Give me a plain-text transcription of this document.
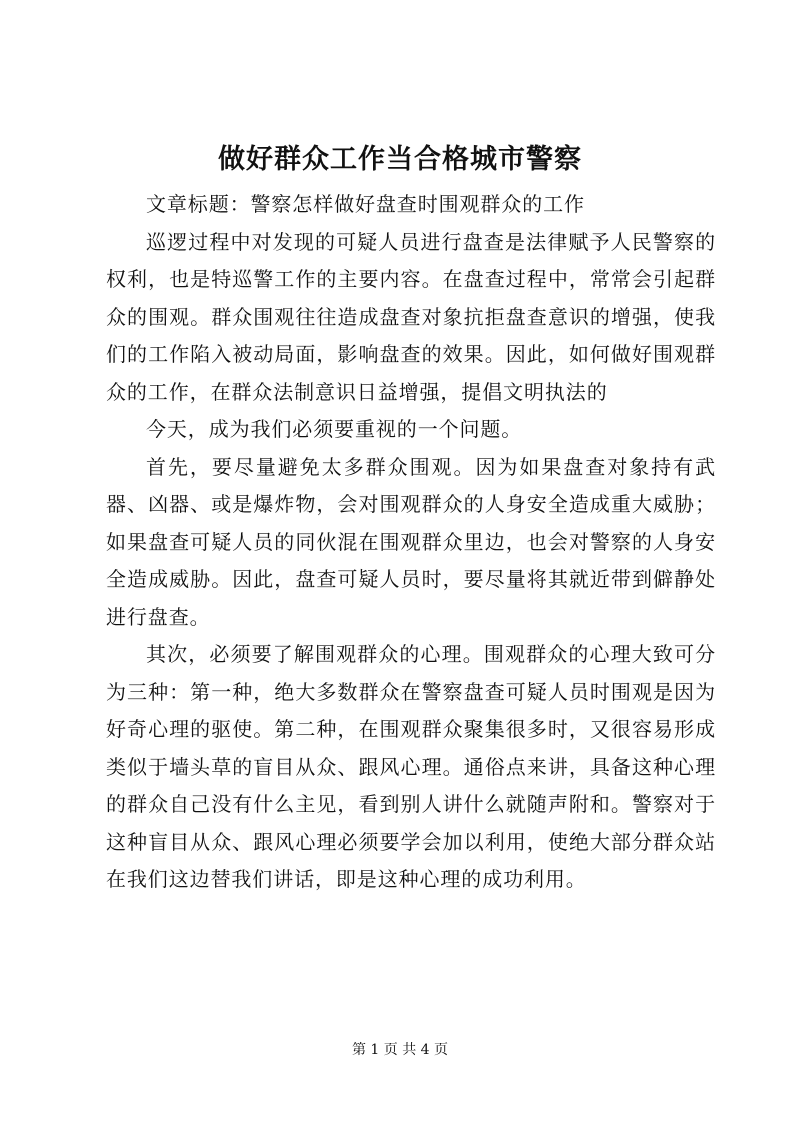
做好群众工作当合格城市警察

文章标题：警察怎样做好盘查时围观群众的工作

巡逻过程中对发现的可疑人员进行盘查是法律赋予人民警察的权利，也是特巡警工作的主要内容。在盘查过程中，常常会引起群众的围观。群众围观往往造成盘查对象抗拒盘查意识的增强，使我们的工作陷入被动局面，影响盘查的效果。因此，如何做好围观群众的工作，在群众法制意识日益增强，提倡文明执法的

今天，成为我们必须要重视的一个问题。

首先，要尽量避免太多群众围观。因为如果盘查对象持有武器、凶器、或是爆炸物，会对围观群众的人身安全造成重大威胁；如果盘查可疑人员的同伙混在围观群众里边，也会对警察的人身安全造成威胁。因此，盘查可疑人员时，要尽量将其就近带到僻静处进行盘查。

其次，必须要了解围观群众的心理。围观群众的心理大致可分为三种：第一种，绝大多数群众在警察盘查可疑人员时围观是因为好奇心理的驱使。第二种，在围观群众聚集很多时，又很容易形成类似于墙头草的盲目从众、跟风心理。通俗点来讲，具备这种心理的群众自己没有什么主见，看到别人讲什么就随声附和。警察对于这种盲目从众、跟风心理必须要学会加以利用，使绝大部分群众站在我们这边替我们讲话，即是这种心理的成功利用。

第 1 页 共 4 页
